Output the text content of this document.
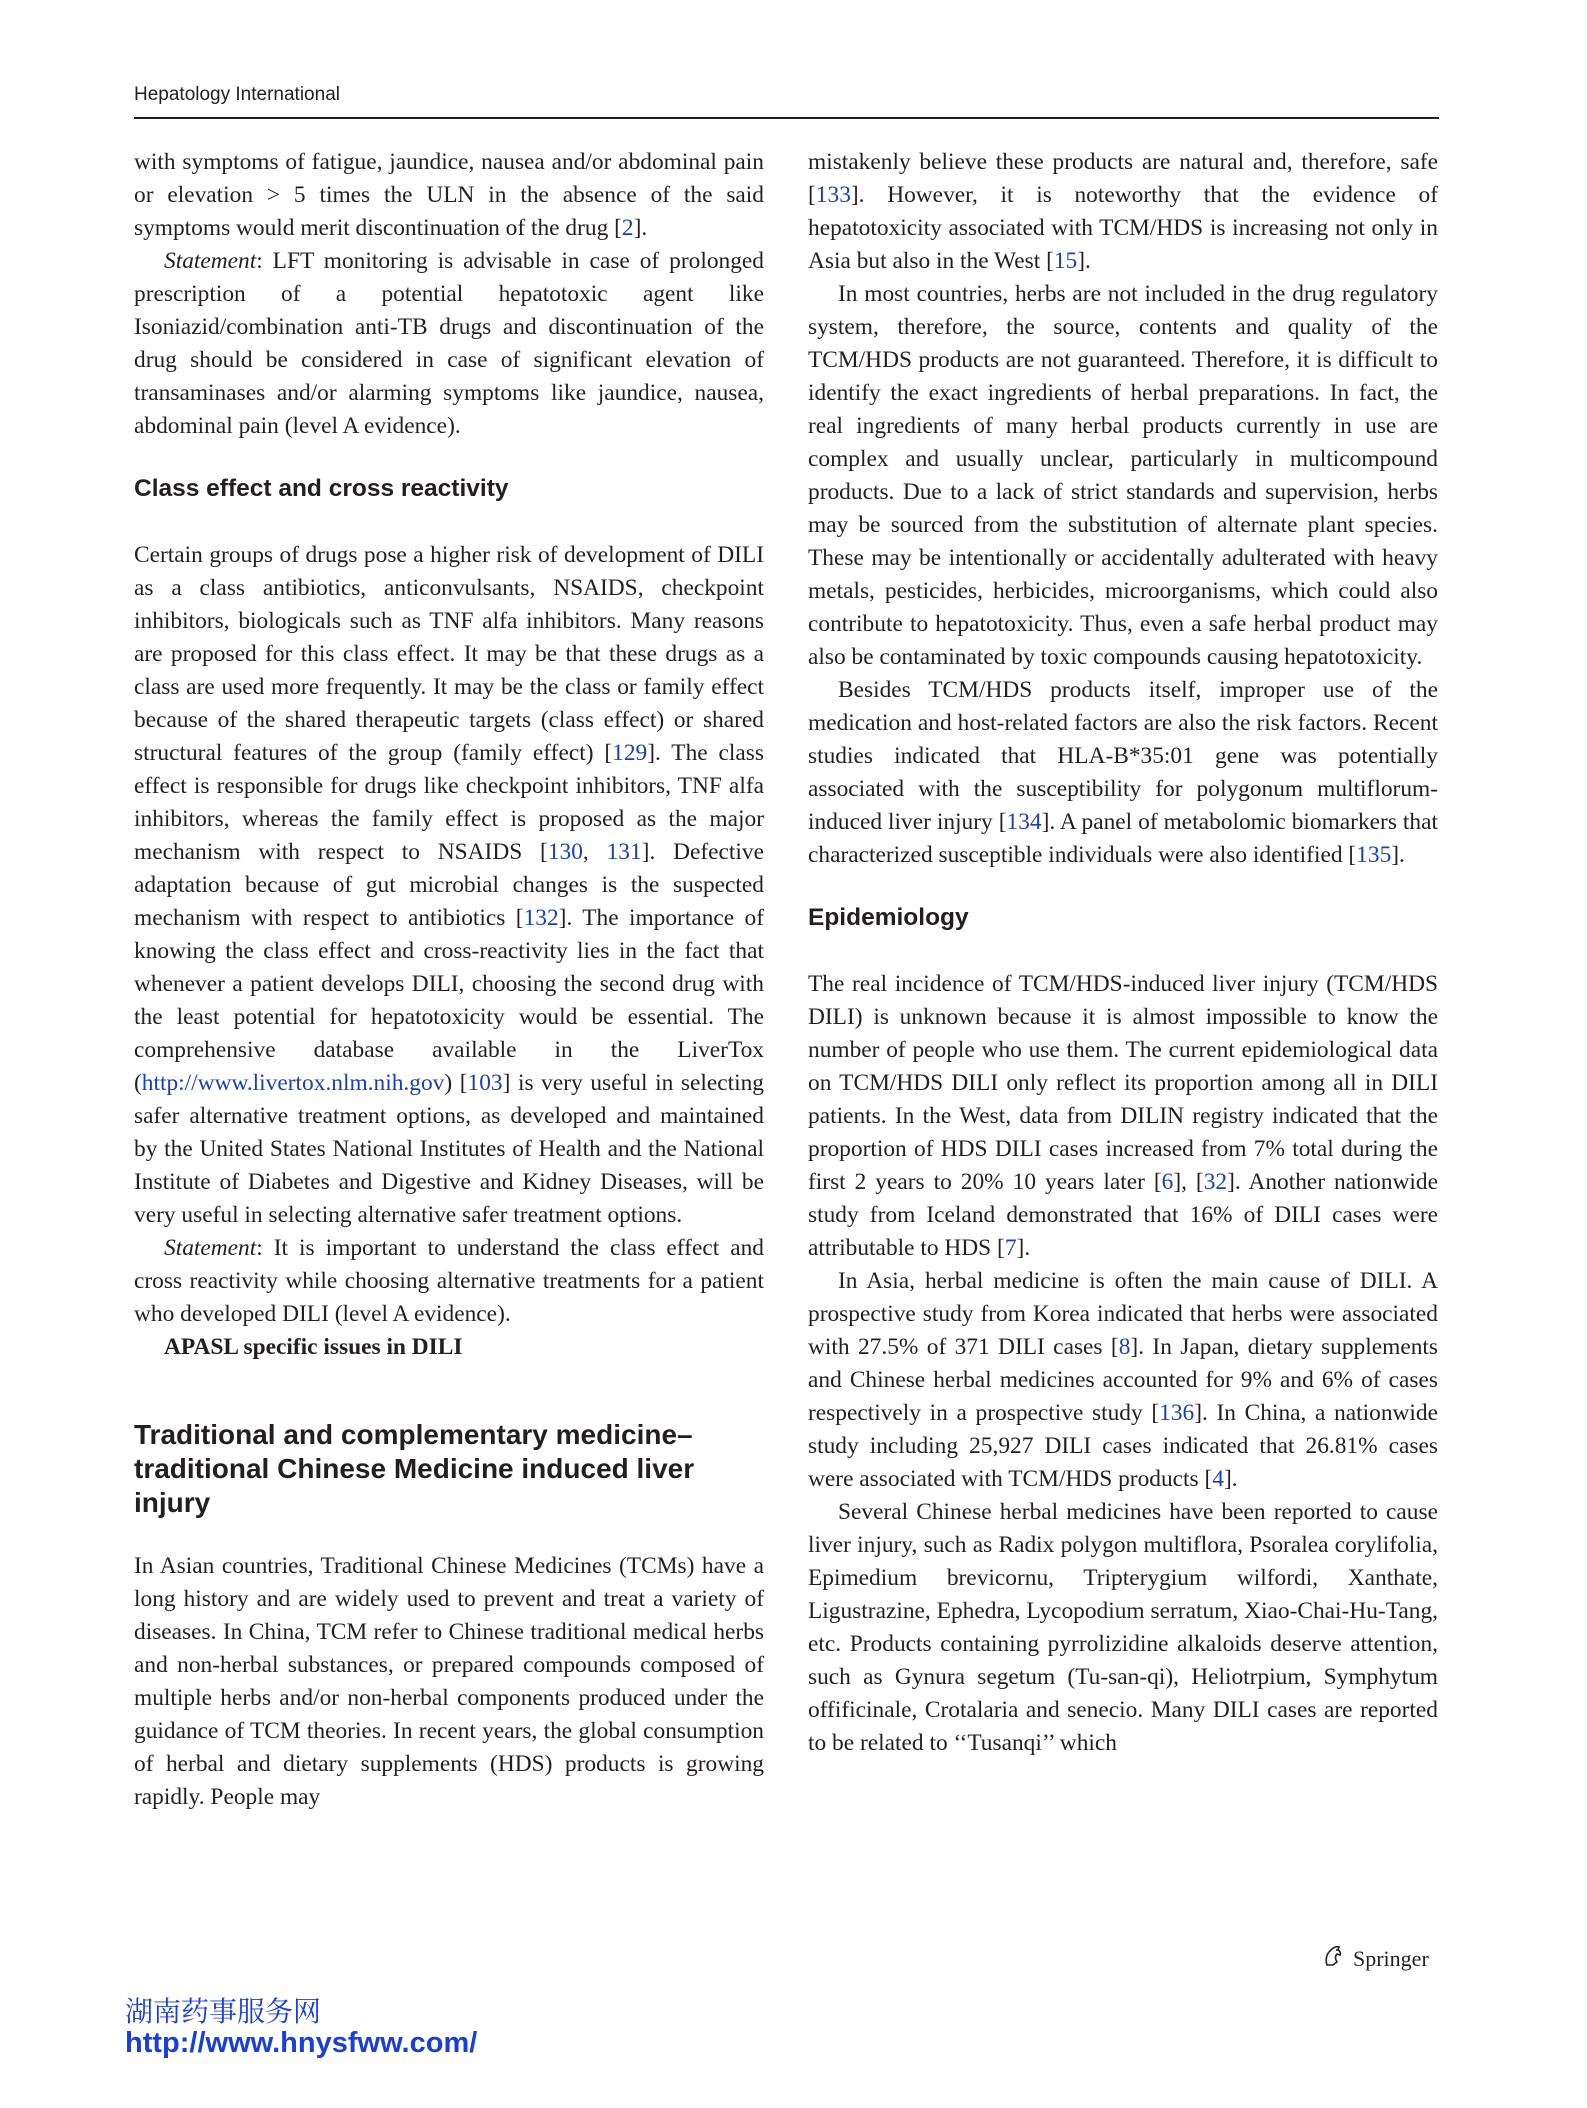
Hepatology International

with symptoms of fatigue, jaundice, nausea and/or abdominal pain or elevation > 5 times the ULN in the absence of the said symptoms would merit discontinuation of the drug [2].

Statement: LFT monitoring is advisable in case of prolonged prescription of a potential hepatotoxic agent like Isoniazid/combination anti-TB drugs and discontinuation of the drug should be considered in case of significant elevation of transaminases and/or alarming symptoms like jaundice, nausea, abdominal pain (level A evidence).

Class effect and cross reactivity

Certain groups of drugs pose a higher risk of development of DILI as a class antibiotics, anticonvulsants, NSAIDS, checkpoint inhibitors, biologicals such as TNF alfa inhibitors. Many reasons are proposed for this class effect. It may be that these drugs as a class are used more frequently. It may be the class or family effect because of the shared therapeutic targets (class effect) or shared structural features of the group (family effect) [129]. The class effect is responsible for drugs like checkpoint inhibitors, TNF alfa inhibitors, whereas the family effect is proposed as the major mechanism with respect to NSAIDS [130, 131]. Defective adaptation because of gut microbial changes is the suspected mechanism with respect to antibiotics [132]. The importance of knowing the class effect and cross-reactivity lies in the fact that whenever a patient develops DILI, choosing the second drug with the least potential for hepatotoxicity would be essential. The comprehensive database available in the LiverTox (http://www.livertox.nlm.nih.gov) [103] is very useful in selecting safer alternative treatment options, as developed and maintained by the United States National Institutes of Health and the National Institute of Diabetes and Digestive and Kidney Diseases, will be very useful in selecting alternative safer treatment options.

Statement: It is important to understand the class effect and cross reactivity while choosing alternative treatments for a patient who developed DILI (level A evidence).

APASL specific issues in DILI

Traditional and complementary medicine–traditional Chinese Medicine induced liver injury

In Asian countries, Traditional Chinese Medicines (TCMs) have a long history and are widely used to prevent and treat a variety of diseases. In China, TCM refer to Chinese traditional medical herbs and non-herbal substances, or prepared compounds composed of multiple herbs and/or non-herbal components produced under the guidance of TCM theories. In recent years, the global consumption of herbal and dietary supplements (HDS) products is growing rapidly. People may

mistakenly believe these products are natural and, therefore, safe [133]. However, it is noteworthy that the evidence of hepatotoxicity associated with TCM/HDS is increasing not only in Asia but also in the West [15].

In most countries, herbs are not included in the drug regulatory system, therefore, the source, contents and quality of the TCM/HDS products are not guaranteed. Therefore, it is difficult to identify the exact ingredients of herbal preparations. In fact, the real ingredients of many herbal products currently in use are complex and usually unclear, particularly in multicompound products. Due to a lack of strict standards and supervision, herbs may be sourced from the substitution of alternate plant species. These may be intentionally or accidentally adulterated with heavy metals, pesticides, herbicides, microorganisms, which could also contribute to hepatotoxicity. Thus, even a safe herbal product may also be contaminated by toxic compounds causing hepatotoxicity.

Besides TCM/HDS products itself, improper use of the medication and host-related factors are also the risk factors. Recent studies indicated that HLA-B*35:01 gene was potentially associated with the susceptibility for polygonum multiflorum-induced liver injury [134]. A panel of metabolomic biomarkers that characterized susceptible individuals were also identified [135].

Epidemiology

The real incidence of TCM/HDS-induced liver injury (TCM/HDS DILI) is unknown because it is almost impossible to know the number of people who use them. The current epidemiological data on TCM/HDS DILI only reflect its proportion among all in DILI patients. In the West, data from DILIN registry indicated that the proportion of HDS DILI cases increased from 7% total during the first 2 years to 20% 10 years later [6], [32]. Another nationwide study from Iceland demonstrated that 16% of DILI cases were attributable to HDS [7].

In Asia, herbal medicine is often the main cause of DILI. A prospective study from Korea indicated that herbs were associated with 27.5% of 371 DILI cases [8]. In Japan, dietary supplements and Chinese herbal medicines accounted for 9% and 6% of cases respectively in a prospective study [136]. In China, a nationwide study including 25,927 DILI cases indicated that 26.81% cases were associated with TCM/HDS products [4].

Several Chinese herbal medicines have been reported to cause liver injury, such as Radix polygon multiflora, Psoralea corylifolia, Epimedium brevicornu, Tripterygium wilfordi, Xanthate, Ligustrazine, Ephedra, Lycopodium serratum, Xiao-Chai-Hu-Tang, etc. Products containing pyrrolizidine alkaloids deserve attention, such as Gynura segetum (Tu-san-qi), Heliotrpium, Symphytum offificinale, Crotalaria and senecio. Many DILI cases are reported to be related to ‘‘Tusanqi’’ which

Springer
湖南药事服务网
http://www.hnysfww.com/
